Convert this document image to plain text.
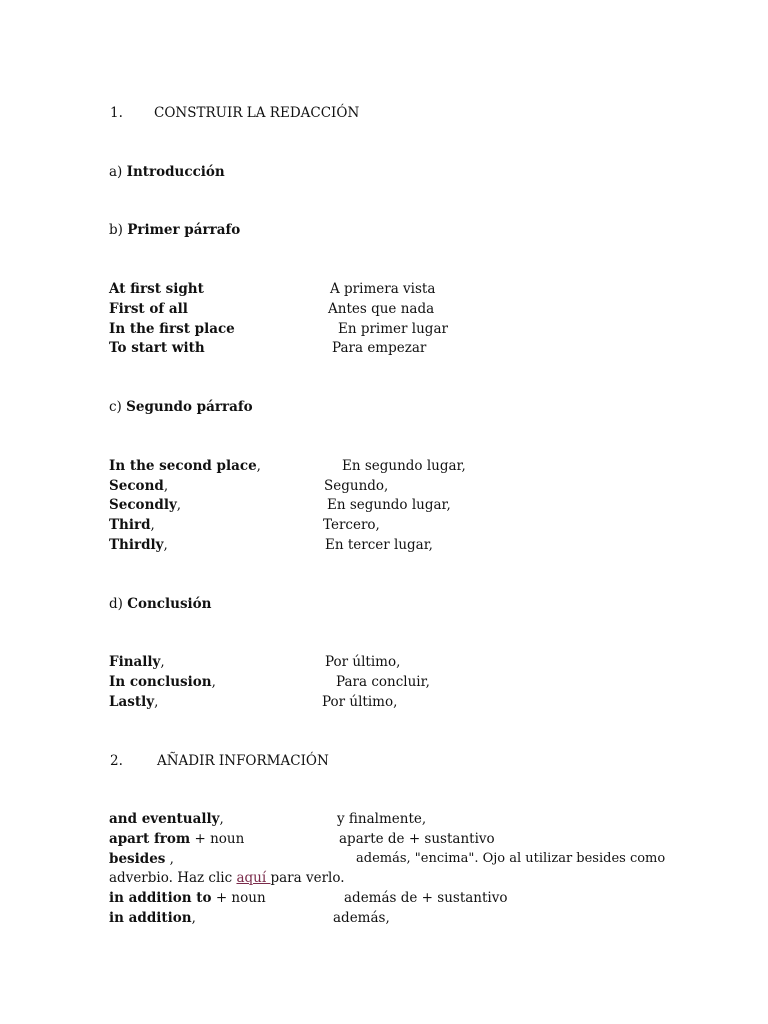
1. CONSTRUIR LA REDACCIÓN
a) Introducción
b) Primer párrafo
At first sight	A primera vista
First of all	Antes que nada
In the first place	En primer lugar
To start with	Para empezar
c) Segundo párrafo
In the second place,	En segundo lugar,
Second,	Segundo,
Secondly,	En segundo lugar,
Third,	Tercero,
Thirdly,	En tercer lugar,
d) Conclusión
Finally,	Por último,
In conclusion,	Para concluir,
Lastly,	Por último,
2.	AÑADIR INFORMACIÓN
and eventually,	y finalmente,
apart from + noun	aparte de + sustantivo
besides ,	además, "encima". Ojo al utilizar besides como
adverbio. Haz clic aquí para verlo.
in addition to + noun	además de + sustantivo
in addition,	además,
